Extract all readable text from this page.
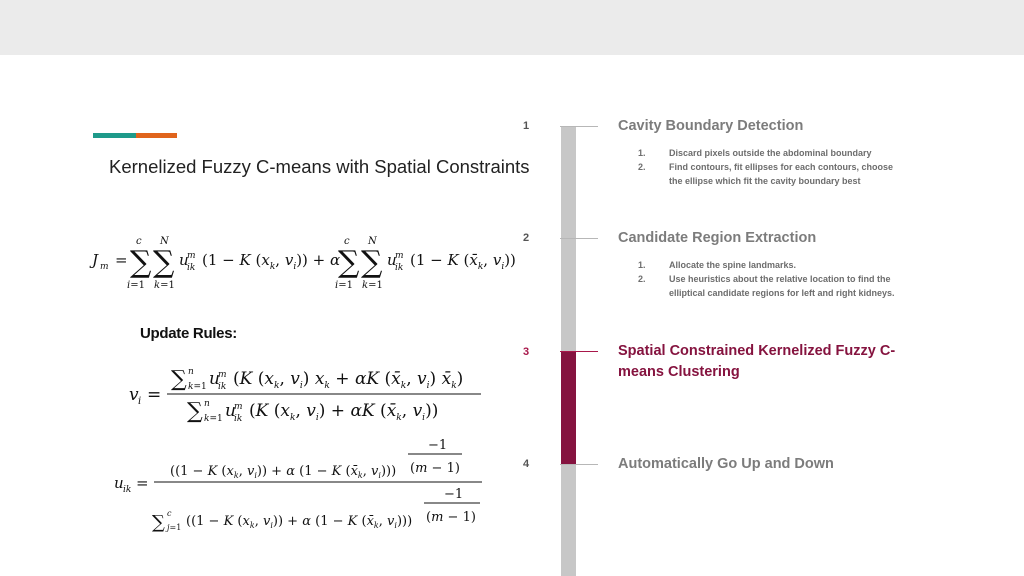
Kernelized Fuzzy C-means with Spatial Constraints
J m = ∑
c
i=1
∑
N
k=1
u
m
ik (1 − K ($x_k$, $v_i)) + \alpha$
∑
c
i=1
∑
N
k=1
u
m
ik (1 − K ($x̄_k$, $v_i$))
Update Rules:
v i =
∑ n
k=1 u
m
ik (K ($x_k$, $v_i$) $x_k + \alpha K$ ($x̄_k$, $v_i$) $x̄_k$)
∑ n
k=1 u
m
ik (K ($x_k$, $v_i) + \alpha K$ ($x̄_k$, $v_i$))
u ik =
((1 − K ($x_k$, $v_i)) + \alpha$ (1 − K ($x̄_k$, $v_i$)))
−1
(m − 1)
∑ c
j=1 ((1 − K ($x_k$, $v_i)) + \alpha$ (1 − K ($x̄_k$, $v_i$)))
−1
(m − 1)
1	Cavity Boundary Detection
1.	Discard pixels outside the abdominal boundary
2.	Find contours, fit ellipses for each contours, choose the ellipse which fit the cavity boundary best
2	Candidate Region Extraction
1.	Allocate the spine landmarks.
2.	Use heuristics about the relative location to find the elliptical candidate regions for left and right kidneys.
3	Spatial Constrained Kernelized Fuzzy C-means Clustering
4	Automatically Go Up and Down
